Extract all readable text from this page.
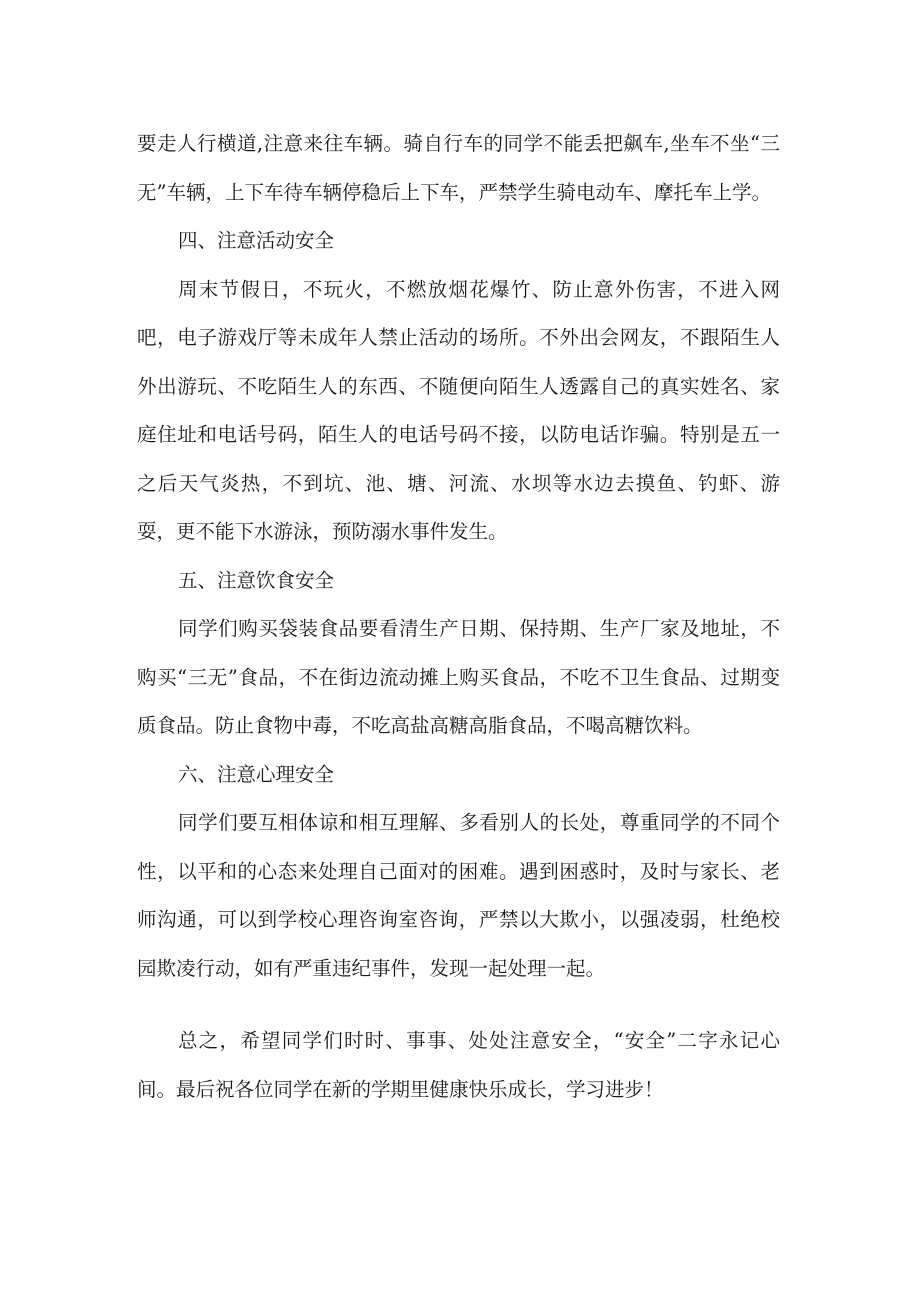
要走人行横道,注意来往车辆。骑自行车的同学不能丢把飙车,坐车不坐“三无”车辆，上下车待车辆停稳后上下车，严禁学生骑电动车、摩托车上学。

四、注意活动安全

周末节假日，不玩火，不燃放烟花爆竹、防止意外伤害，不进入网吧，电子游戏厅等未成年人禁止活动的场所。不外出会网友，不跟陌生人外出游玩、不吃陌生人的东西、不随便向陌生人透露自己的真实姓名、家庭住址和电话号码，陌生人的电话号码不接，以防电话诈骗。特别是五一之后天气炎热，不到坑、池、塘、河流、水坝等水边去摸鱼、钓虾、游耍，更不能下水游泳，预防溺水事件发生。

五、注意饮食安全

同学们购买袋装食品要看清生产日期、保持期、生产厂家及地址，不购买“三无”食品，不在街边流动摊上购买食品，不吃不卫生食品、过期变质食品。防止食物中毒，不吃高盐高糖高脂食品，不喝高糖饮料。

六、注意心理安全

同学们要互相体谅和相互理解、多看别人的长处，尊重同学的不同个性，以平和的心态来处理自己面对的困难。遇到困惑时，及时与家长、老师沟通，可以到学校心理咨询室咨询，严禁以大欺小，以强凌弱，杜绝校园欺凌行动，如有严重违纪事件，发现一起处理一起。

总之，希望同学们时时、事事、处处注意安全，“安全”二字永记心间。最后祝各位同学在新的学期里健康快乐成长，学习进步！
